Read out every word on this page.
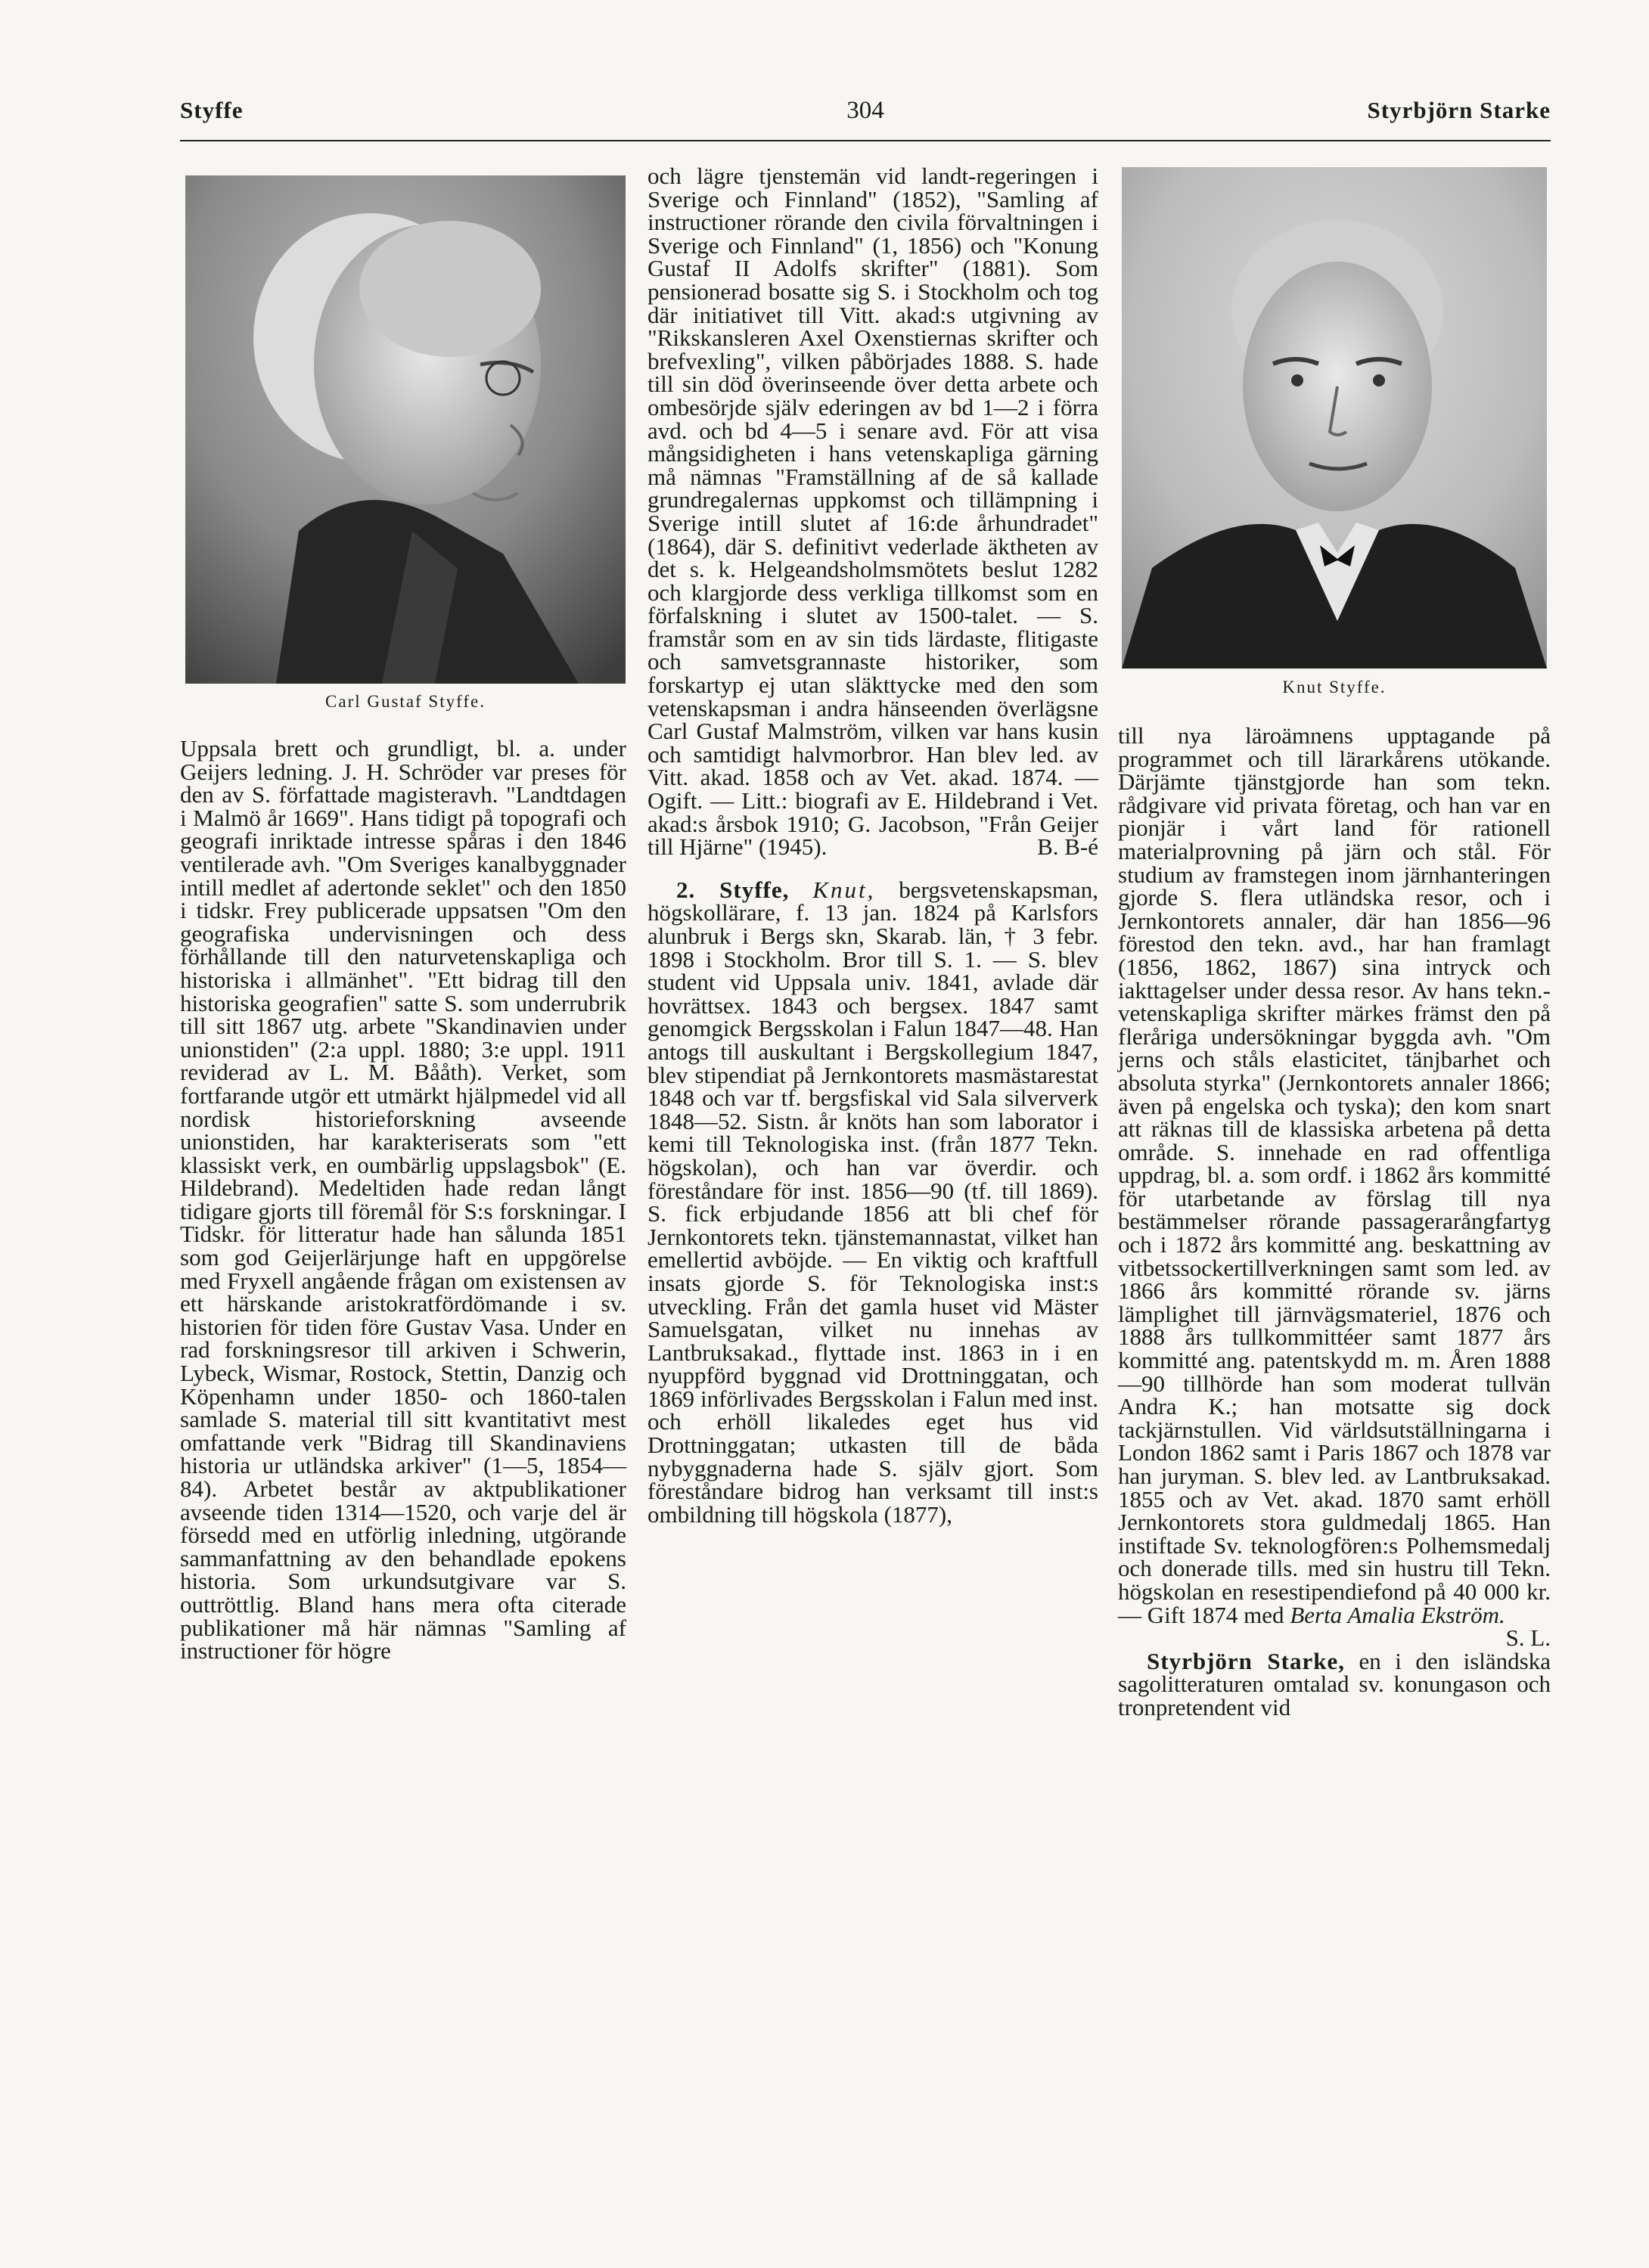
Styffe	304	Styrbjörn Starke
Carl Gustaf Styffe.
Knut Styffe.

Uppsala brett och grundligt, bl. a. under Geijers ledning. J. H. Schröder var preses för den av S. författade magisteravh. "Landtdagen i Malmö år 1669". Hans tidigt på topografi och geografi inriktade intresse spåras i den 1846 ventilerade avh. "Om Sveriges kanalbyggnader intill medlet af adertonde seklet" och den 1850 i tidskr. Frey publicerade uppsatsen "Om den geografiska undervisningen och dess förhållande till den naturvetenskapliga och historiska i allmänhet". "Ett bidrag till den historiska geografien" satte S. som underrubrik till sitt 1867 utg. arbete "Skandinavien under unionstiden" (2:a uppl. 1880; 3:e uppl. 1911 reviderad av L. M. Bååth). Verket, som fortfarande utgör ett utmärkt hjälpmedel vid all nordisk historieforskning avseende unionstiden, har karakteriserats som "ett klassiskt verk, en oumbärlig uppslagsbok" (E. Hildebrand). Medeltiden hade redan långt tidigare gjorts till föremål för S:s forskningar. I Tidskr. för litteratur hade han sålunda 1851 som god Geijerlärjunge haft en uppgörelse med Fryxell angående frågan om existensen av ett härskande aristokratfördömande i sv. historien för tiden före Gustav Vasa. Under en rad forskningsresor till arkiven i Schwerin, Lybeck, Wismar, Rostock, Stettin, Danzig och Köpenhamn under 1850- och 1860-talen samlade S. material till sitt kvantitativt mest omfattande verk "Bidrag till Skandinaviens historia ur utländska arkiver" (1—5, 1854—84). Arbetet består av aktpublikationer avseende tiden 1314—1520, och varje del är försedd med en utförlig inledning, utgörande sammanfattning av den behandlade epokens historia. Som urkundsutgivare var S. outtröttlig. Bland hans mera ofta citerade publikationer må här nämnas "Samling af instructioner för högre

och lägre tjenstemän vid landt-regeringen i Sverige och Finnland" (1852), "Samling af instructioner rörande den civila förvaltningen i Sverige och Finnland" (1, 1856) och "Konung Gustaf II Adolfs skrifter" (1881). Som pensionerad bosatte sig S. i Stockholm och tog där initiativet till Vitt. akad:s utgivning av "Rikskansleren Axel Oxenstiernas skrifter och brefvexling", vilken påbörjades 1888. S. hade till sin död överinseende över detta arbete och ombesörjde själv ederingen av bd 1—2 i förra avd. och bd 4—5 i senare avd. För att visa mångsidigheten i hans vetenskapliga gärning må nämnas "Framställning af de så kallade grundregalernas uppkomst och tillämpning i Sverige intill slutet af 16:de århundradet" (1864), där S. definitivt vederlade äktheten av det s. k. Helgeandsholmsmötets beslut 1282 och klargjorde dess verkliga tillkomst som en förfalskning i slutet av 1500-talet. — S. framstår som en av sin tids lärdaste, flitigaste och samvetsgrannaste historiker, som forskartyp ej utan släkttycke med den som vetenskapsman i andra hänseenden överlägsne Carl Gustaf Malmström, vilken var hans kusin och samtidigt halvmorbror. Han blev led. av Vitt. akad. 1858 och av Vet. akad. 1874. — Ogift. — Litt.: biografi av E. Hildebrand i Vet. akad:s årsbok 1910; G. Jacobson, "Från Geijer till Hjärne" (1945).	B. B-é

2. Styffe, Knut, bergsvetenskapsman, högskollärare, f. 13 jan. 1824 på Karlsfors alunbruk i Bergs skn, Skarab. län, † 3 febr. 1898 i Stockholm. Bror till S. 1. — S. blev student vid Uppsala univ. 1841, avlade där hovrättsex. 1843 och bergsex. 1847 samt genomgick Bergsskolan i Falun 1847—48. Han antogs till auskultant i Bergskollegium 1847, blev stipendiat på Jernkontorets masmästarestat 1848 och var tf. bergsfiskal vid Sala silververk 1848—52. Sistn. år knöts han som laborator i kemi till Teknologiska inst. (från 1877 Tekn. högskolan), och han var överdir. och föreståndare för inst. 1856—90 (tf. till 1869). S. fick erbjudande 1856 att bli chef för Jernkontorets tekn. tjänstemannastat, vilket han emellertid avböjde. — En viktig och kraftfull insats gjorde S. för Teknologiska inst:s utveckling. Från det gamla huset vid Mäster Samuelsgatan, vilket nu innehas av Lantbruksakad., flyttade inst. 1863 in i en nyuppförd byggnad vid Drottninggatan, och 1869 införlivades Bergsskolan i Falun med inst. och erhöll likaledes eget hus vid Drottninggatan; utkasten till de båda nybyggnaderna hade S. själv gjort. Som föreståndare bidrog han verksamt till inst:s ombildning till högskola (1877),

till nya läroämnens upptagande på programmet och till lärarkårens utökande. Därjämte tjänstgjorde han som tekn. rådgivare vid privata företag, och han var en pionjär i vårt land för rationell materialprovning på järn och stål. För studium av framstegen inom järnhanteringen gjorde S. flera utländska resor, och i Jernkontorets annaler, där han 1856—96 förestod den tekn. avd., har han framlagt (1856, 1862, 1867) sina intryck och iakttagelser under dessa resor. Av hans tekn.-vetenskapliga skrifter märkes främst den på fleråriga undersökningar byggda avh. "Om jerns och ståls elasticitet, tänjbarhet och absoluta styrka" (Jernkontorets annaler 1866; även på engelska och tyska); den kom snart att räknas till de klassiska arbetena på detta område. S. innehade en rad offentliga uppdrag, bl. a. som ordf. i 1862 års kommitté för utarbetande av förslag till nya bestämmelser rörande passagerarångfartyg och i 1872 års kommitté ang. beskattning av vitbetssockertillverkningen samt som led. av 1866 års kommitté rörande sv. järns lämplighet till järnvägsmateriel, 1876 och 1888 års tullkommittéer samt 1877 års kommitté ang. patentskydd m. m. Åren 1888—90 tillhörde han som moderat tullvän Andra K.; han motsatte sig dock tackjärnstullen. Vid världsutställningarna i London 1862 samt i Paris 1867 och 1878 var han juryman. S. blev led. av Lantbruksakad. 1855 och av Vet. akad. 1870 samt erhöll Jernkontorets stora guldmedalj 1865. Han instiftade Sv. teknologfören:s Polhemsmedalj och donerade tills. med sin hustru till Tekn. högskolan en resestipendiefond på 40 000 kr. — Gift 1874 med Berta Amalia Ekström.
S. L.

Styrbjörn Starke, en i den isländska sagolitteraturen omtalad sv. konungason och tronpretendent vid
